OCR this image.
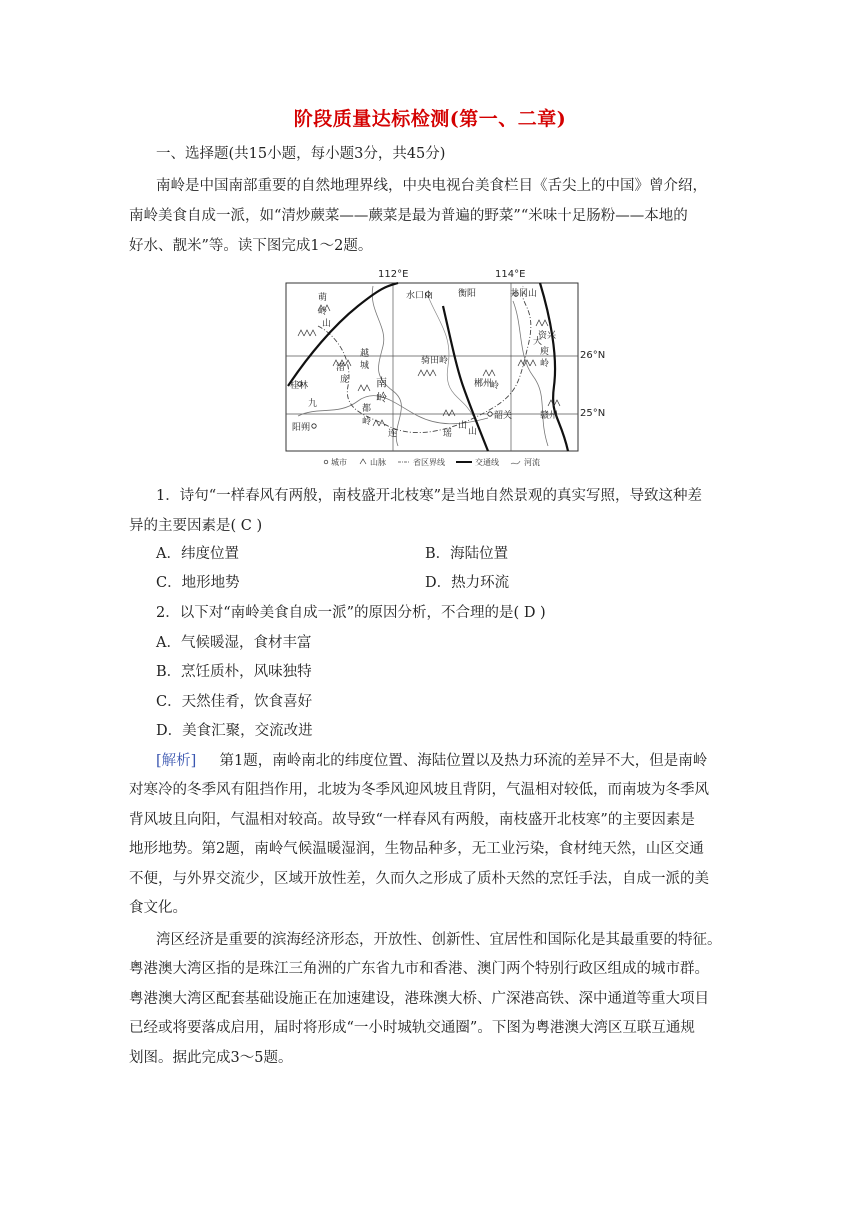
阶段质量达标检测(第一、二章)
一、选择题(共15小题，每小题3分，共45分)
南岭是中国南部重要的自然地理界线，中央电视台美食栏目《舌尖上的中国》曾介绍，
南岭美食自成一派，如“清炒蕨菜——蕨菜是最为普遍的野菜”“米味十足肠粉——本地的
好水、靓米”等。读下图完成1～2题。
112°E	114°E
26°N
25°N
南
岭
骑田岭
山
瑶
山
萌
岭
渚
庞
越
城
都
岭
岭
大
庾
岭
九
连	山
水口山
资兴
桂林
阳朔
韶关	赣州
井冈山
衡阳
郴州
城市	山脉	省区界线	交通线	河流
1．诗句“一样春风有两般，南枝盛开北枝寒”是当地自然景观的真实写照，导致这种差
异的主要因素是( C )
A．纬度位置	B．海陆位置
C．地形地势	D．热力环流
2．以下对“南岭美食自成一派”的原因分析，不合理的是( D )
A．气候暖湿，食材丰富
B．烹饪质朴，风味独特
C．天然佳肴，饮食喜好
D．美食汇聚，交流改进
[解析] 第1题，南岭南北的纬度位置、海陆位置以及热力环流的差异不大，但是南岭
对寒冷的冬季风有阻挡作用，北坡为冬季风迎风坡且背阴，气温相对较低，而南坡为冬季风
背风坡且向阳，气温相对较高。故导致“一样春风有两般，南枝盛开北枝寒”的主要因素是
地形地势。第2题，南岭气候温暖湿润，生物品种多，无工业污染，食材纯天然，山区交通
不便，与外界交流少，区域开放性差，久而久之形成了质朴天然的烹饪手法，自成一派的美
食文化。
湾区经济是重要的滨海经济形态，开放性、创新性、宜居性和国际化是其最重要的特征。
粤港澳大湾区指的是珠江三角洲的广东省九市和香港、澳门两个特别行政区组成的城市群。
粤港澳大湾区配套基础设施正在加速建设，港珠澳大桥、广深港高铁、深中通道等重大项目
已经或将要落成启用，届时将形成“一小时城轨交通圈”。下图为粤港澳大湾区互联互通规
划图。据此完成3～5题。
